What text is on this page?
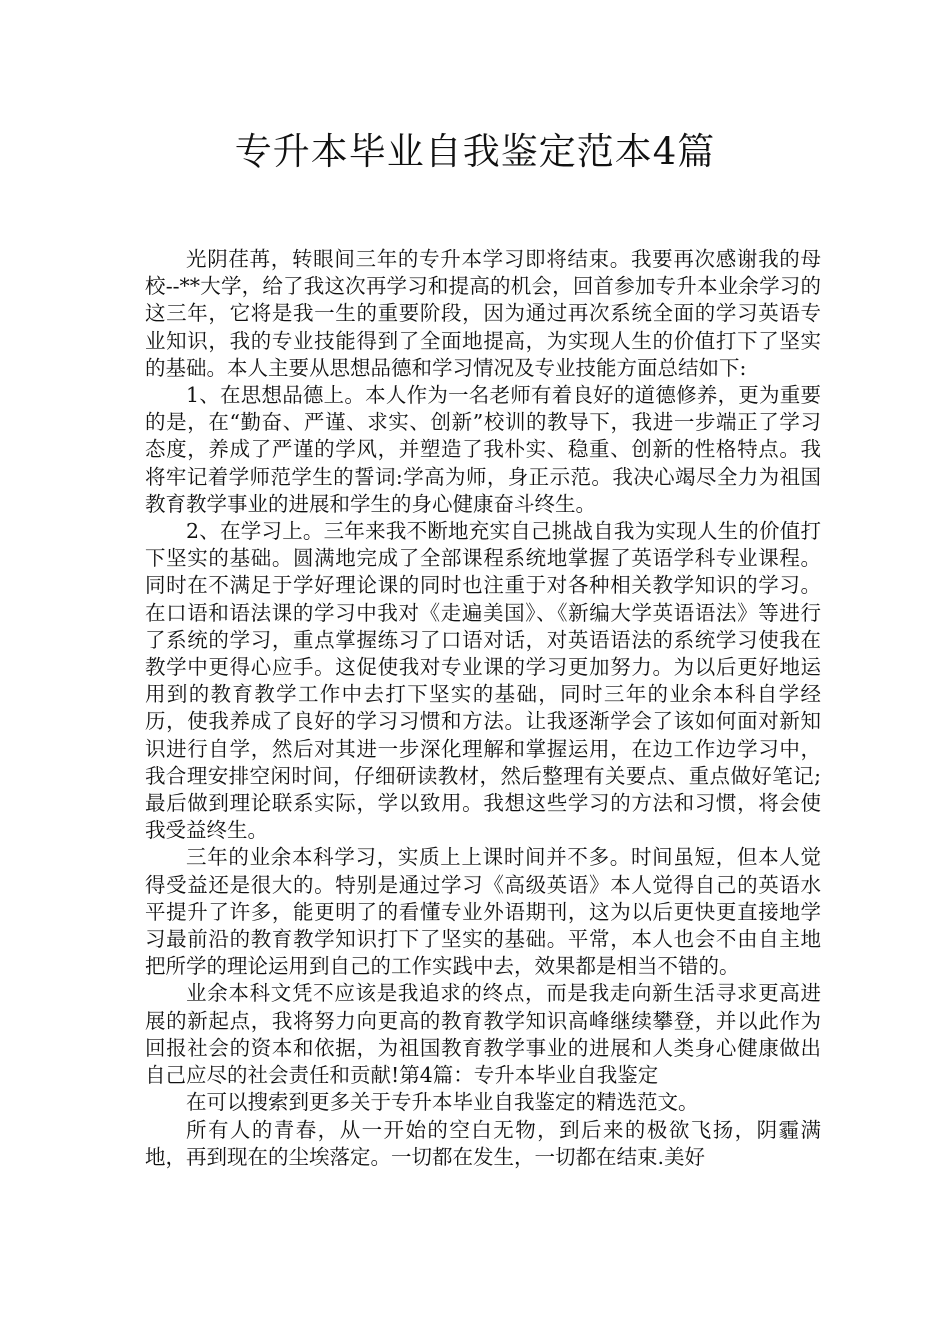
专升本毕业自我鉴定范本4篇

光阴荏苒，转眼间三年的专升本学习即将结束。我要再次感谢我的母校--**大学，给了我这次再学习和提高的机会，回首参加专升本业余学习的这三年，它将是我一生的重要阶段，因为通过再次系统全面的学习英语专业知识，我的专业技能得到了全面地提高，为实现人生的价值打下了坚实的基础。本人主要从思想品德和学习情况及专业技能方面总结如下:

1、在思想品德上。本人作为一名老师有着良好的道德修养，更为重要的是，在“勤奋、严谨、求实、创新”校训的教导下，我进一步端正了学习态度，养成了严谨的学风，并塑造了我朴实、稳重、创新的性格特点。我将牢记着学师范学生的誓词:学高为师，身正示范。我决心竭尽全力为祖国教育教学事业的进展和学生的身心健康奋斗终生。

2、在学习上。三年来我不断地充实自己挑战自我为实现人生的价值打下坚实的基础。圆满地完成了全部课程系统地掌握了英语学科专业课程。同时在不满足于学好理论课的同时也注重于对各种相关教学知识的学习。在口语和语法课的学习中我对《走遍美国》、《新编大学英语语法》等进行了系统的学习，重点掌握练习了口语对话，对英语语法的系统学习使我在教学中更得心应手。这促使我对专业课的学习更加努力。为以后更好地运用到的教育教学工作中去打下坚实的基础，同时三年的业余本科自学经历，使我养成了良好的学习习惯和方法。让我逐渐学会了该如何面对新知识进行自学，然后对其进一步深化理解和掌握运用，在边工作边学习中，我合理安排空闲时间，仔细研读教材，然后整理有关要点、重点做好笔记;最后做到理论联系实际，学以致用。我想这些学习的方法和习惯，将会使我受益终生。

三年的业余本科学习，实质上上课时间并不多。时间虽短，但本人觉得受益还是很大的。特别是通过学习《高级英语》本人觉得自己的英语水平提升了许多，能更明了的看懂专业外语期刊，这为以后更快更直接地学习最前沿的教育教学知识打下了坚实的基础。平常，本人也会不由自主地把所学的理论运用到自己的工作实践中去，效果都是相当不错的。

业余本科文凭不应该是我追求的终点，而是我走向新生活寻求更高进展的新起点，我将努力向更高的教育教学知识高峰继续攀登，并以此作为回报社会的资本和依据，为祖国教育教学事业的进展和人类身心健康做出自己应尽的社会责任和贡献!第4篇：专升本毕业自我鉴定

在可以搜索到更多关于专升本毕业自我鉴定的精选范文。

所有人的青春，从一开始的空白无物，到后来的极欲飞扬，阴霾满地，再到现在的尘埃落定。一切都在发生，一切都在结束.美好
